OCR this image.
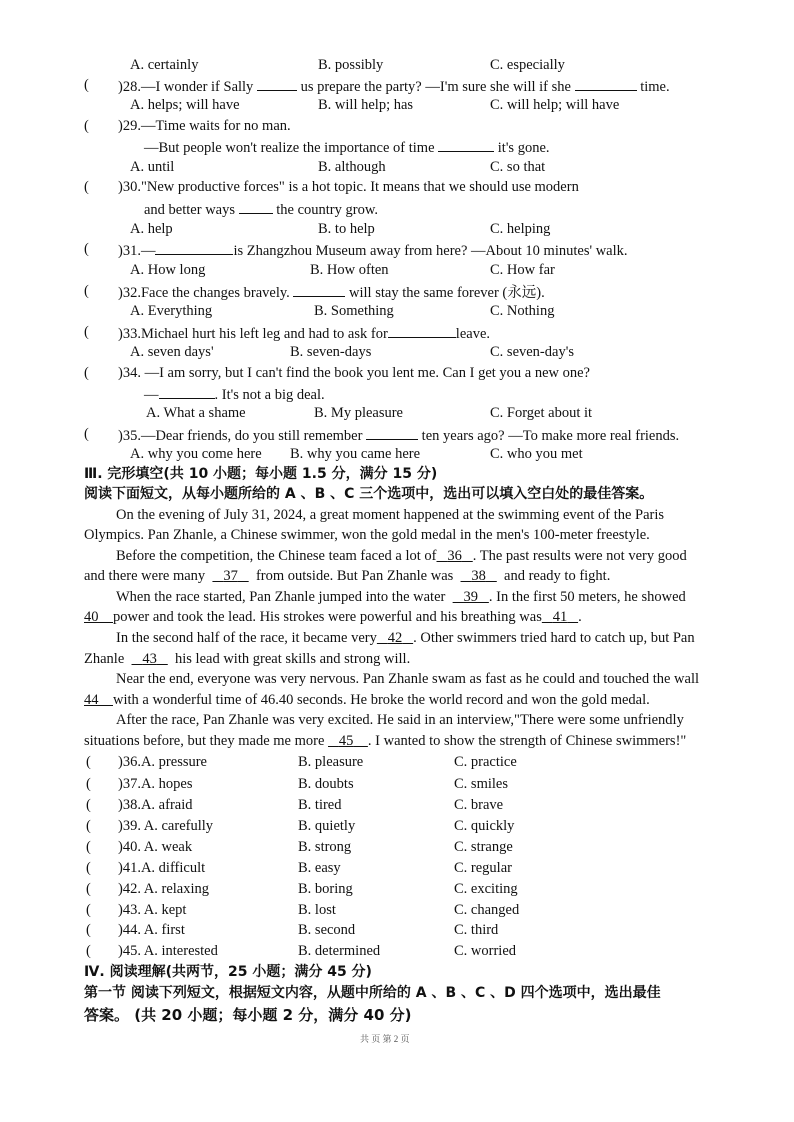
A. certainly	B. possibly	C. especially
( )28.—I wonder if Sally	us prepare the party? —I'm sure she will if she	time.
A. helps; will have	B. will help; has	C. will help; will have
( )29.—Time waits for no man.
—But people won't realize the importance of time	it's gone.
A. until	B. although	C. so that
( )30."New productive forces" is a hot topic. It means that we should use modern
and better ways	the country grow.
A. help	B. to help	C. helping
( )31.—	is Zhangzhou Museum away from here? —About 10 minutes' walk.
A. How long	B. How often	C. How far
( )32.Face the changes bravely.	will stay the same forever (永远).
A. Everything	B. Something	C. Nothing
( )33.Michael hurt his left leg and had to ask for	leave.
A. seven days'	B. seven-days	C. seven-day's
( )34. —I am sorry, but I can't find the book you lent me. Can I get you a new one?
—	. It's not a big deal.
A. What a shame	B. My pleasure	C. Forget about it
( )35.—Dear friends, do you still remember	ten years ago? —To make more real friends.
A. why you come here B. why you came here	C. who you met
Ⅲ. 完形填空(共 10 小题；每小题 1.5 分，满分 15 分)
阅读下面短文，从每小题所给的 A 、B 、C 三个选项中，选出可以填入空白处的最佳答案。
On the evening of July 31, 2024, a great moment happened at the swimming event of the Paris
Olympics. Pan Zhanle, a Chinese swimmer, won the gold medal in the men's 100-meter freestyle.
Before the competition, the Chinese team faced a lot of 36 . The past results were not very good
and there were many 37 from outside. But Pan Zhanle was 38 and ready to fight.
When the race started, Pan Zhanle jumped into the water 39 . In the first 50 meters, he showed
40 power and took the lead. His strokes were powerful and his breathing was 41 .
In the second half of the race, it became very 42 . Other swimmers tried hard to catch up, but Pan
Zhanle 43 his lead with great skills and strong will.
Near the end, everyone was very nervous. Pan Zhanle swam as fast as he could and touched the wall
44 with a wonderful time of 46.40 seconds. He broke the world record and won the gold medal.
After the race, Pan Zhanle was very excited. He said in an interview,"There were some unfriendly
situations before, but they made me more 45 . I wanted to show the strength of Chinese swimmers!"
( )36.A. pressure	B. pleasure	C. practice
( )37.A. hopes	B. doubts	C. smiles
( )38.A. afraid	B. tired	C. brave
( )39. A. carefully	B. quietly	C. quickly
( )40. A. weak	B. strong	C. strange
( )41.A. difficult	B. easy	C. regular
( )42. A. relaxing	B. boring	C. exciting
( )43. A. kept	B. lost	C. changed
( )44. A. first	B. second	C. third
( )45. A. interested	B. determined	C. worried
Ⅳ. 阅读理解(共两节，25 小题；满分 45 分)
第一节 阅读下列短文，根据短文内容，从题中所给的 A 、B 、C 、D 四个选项中，选出最佳
答案。 (共 20 小题；每小题 2 分，满分 40 分)
共 页 第 2 页
